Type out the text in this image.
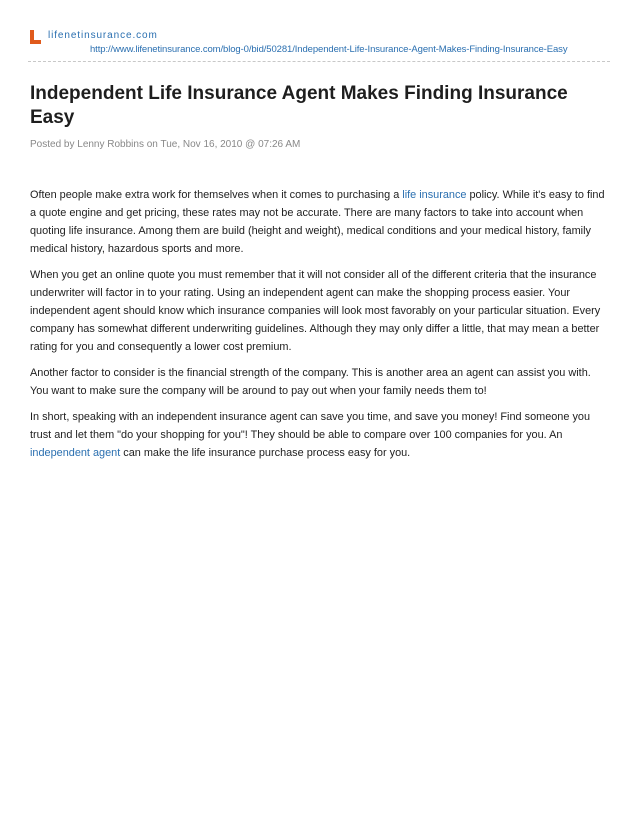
lifenetinsurance.com
http://www.lifenetinsurance.com/blog-0/bid/50281/Independent-Life-Insurance-Agent-Makes-Finding-Insurance-Easy
Independent Life Insurance Agent Makes Finding Insurance Easy
Posted by Lenny Robbins on Tue, Nov 16, 2010 @ 07:26 AM

Often people make extra work for themselves when it comes to purchasing a life insurance policy. While it's easy to find a quote engine and get pricing, these rates may not be accurate. There are many factors to take into account when quoting life insurance. Among them are build (height and weight), medical conditions and your medical history, family medical history, hazardous sports and more.

When you get an online quote you must remember that it will not consider all of the different criteria that the insurance underwriter will factor in to your rating. Using an independent agent can make the shopping process easier. Your independent agent should know which insurance companies will look most favorably on your particular situation. Every company has somewhat different underwriting guidelines. Although they may only differ a little, that may mean a better rating for you and consequently a lower cost premium.

Another factor to consider is the financial strength of the company. This is another area an agent can assist you with. You want to make sure the company will be around to pay out when your family needs them to!

In short, speaking with an independent insurance agent can save you time, and save you money! Find someone you trust and let them "do your shopping for you"! They should be able to compare over 100 companies for you. An independent agent can make the life insurance purchase process easy for you.
